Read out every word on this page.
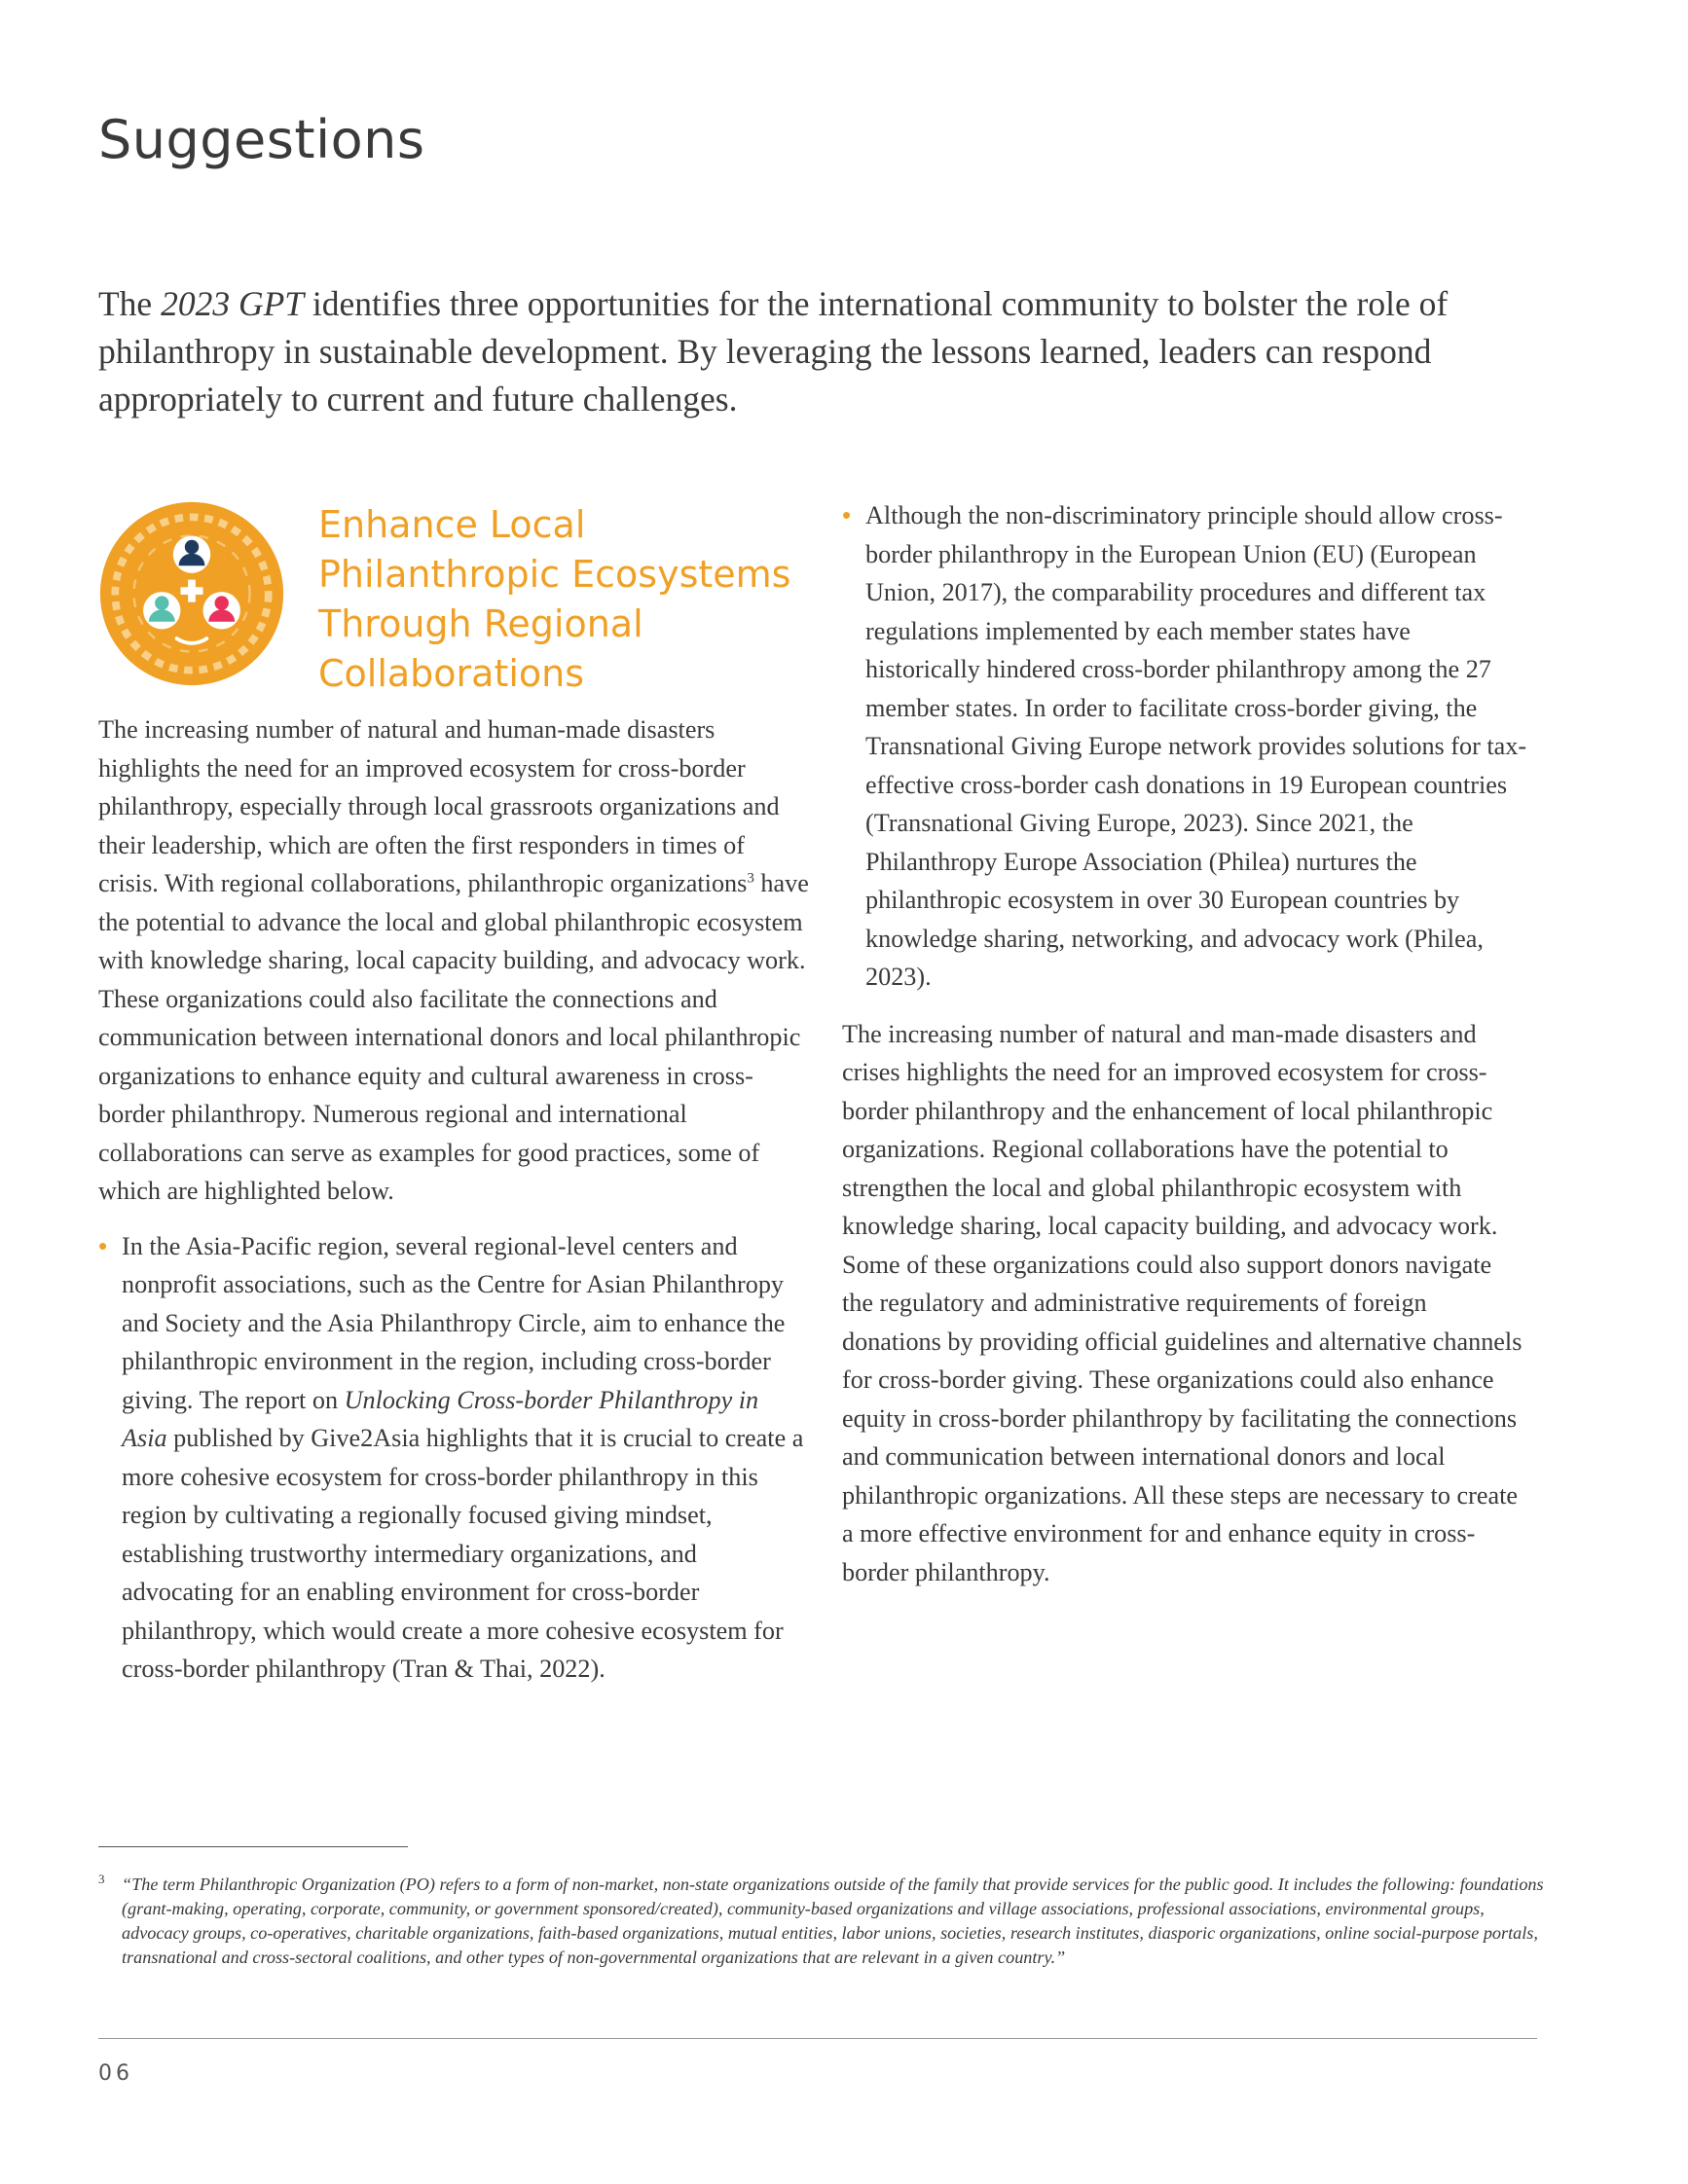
Suggestions

The 2023 GPT identifies three opportunities for the international community to bolster the role of philanthropy in sustainable development. By leveraging the lessons learned, leaders can respond appropriately to current and future challenges.

Enhance Local Philanthropic Ecosystems Through Regional Collaborations

The increasing number of natural and human-made disasters highlights the need for an improved ecosystem for cross-border philanthropy, especially through local grassroots organizations and their leadership, which are often the first responders in times of crisis. With regional collaborations, philanthropic organizations$^3$ have the potential to advance the local and global philanthropic ecosystem with knowledge sharing, local capacity building, and advocacy work. These organizations could also facilitate the connections and communication between international donors and local philanthropic organizations to enhance equity and cultural awareness in cross-border philanthropy. Numerous regional and international collaborations can serve as examples for good practices, some of which are highlighted below.

• In the Asia-Pacific region, several regional-level centers and nonprofit associations, such as the Centre for Asian Philanthropy and Society and the Asia Philanthropy Circle, aim to enhance the philanthropic environment in the region, including cross-border giving. The report on Unlocking Cross-border Philanthropy in Asia published by Give2Asia highlights that it is crucial to create a more cohesive ecosystem for cross-border philanthropy in this region by cultivating a regionally focused giving mindset, establishing trustworthy intermediary organizations, and advocating for an enabling environment for cross-border philanthropy, which would create a more cohesive ecosystem for cross-border philanthropy (Tran & Thai, 2022).

• Although the non-discriminatory principle should allow cross-border philanthropy in the European Union (EU) (European Union, 2017), the comparability procedures and different tax regulations implemented by each member states have historically hindered cross-border philanthropy among the 27 member states. In order to facilitate cross-border giving, the Transnational Giving Europe network provides solutions for tax-effective cross-border cash donations in 19 European countries (Transnational Giving Europe, 2023). Since 2021, the Philanthropy Europe Association (Philea) nurtures the philanthropic ecosystem in over 30 European countries by knowledge sharing, networking, and advocacy work (Philea, 2023).

The increasing number of natural and man-made disasters and crises highlights the need for an improved ecosystem for cross-border philanthropy and the enhancement of local philanthropic organizations. Regional collaborations have the potential to strengthen the local and global philanthropic ecosystem with knowledge sharing, local capacity building, and advocacy work. Some of these organizations could also support donors navigate the regulatory and administrative requirements of foreign donations by providing official guidelines and alternative channels for cross-border giving. These organizations could also enhance equity in cross-border philanthropy by facilitating the connections and communication between international donors and local philanthropic organizations. All these steps are necessary to create a more effective environment for and enhance equity in cross-border philanthropy.

3 “The term Philanthropic Organization (PO) refers to a form of non-market, non-state organizations outside of the family that provide services for the public good. It includes the following: foundations (grant-making, operating, corporate, community, or government sponsored/created), community-based organizations and village associations, professional associations, environmental groups, advocacy groups, co-operatives, charitable organizations, faith-based organizations, mutual entities, labor unions, societies, research institutes, diasporic organizations, online social-purpose portals, transnational and cross-sectoral coalitions, and other types of non-governmental organizations that are relevant in a given country.”
06
